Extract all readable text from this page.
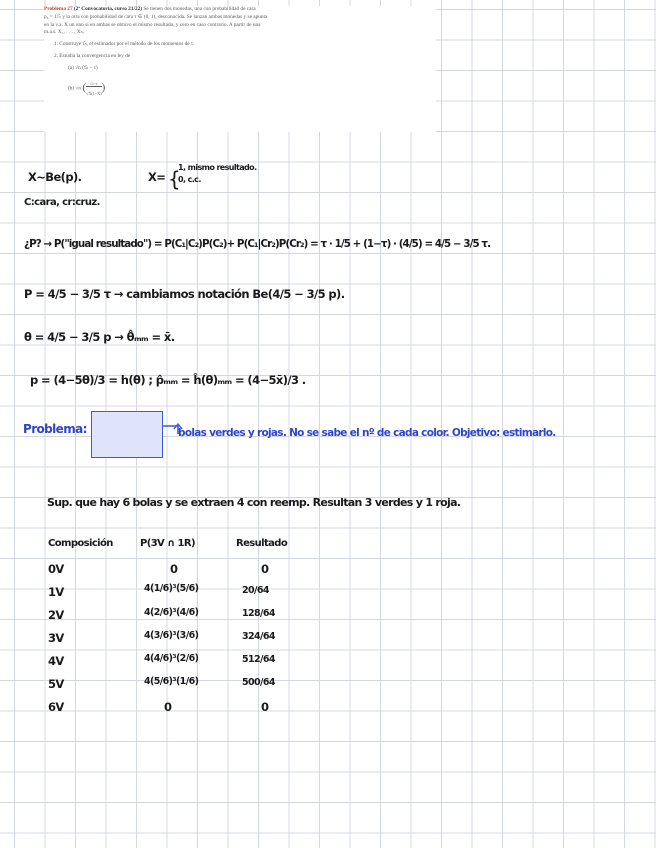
Problema 27 (2ª Convocatoria, curso 21/22) Se tienen dos monedas, una con probabilidad de cara

p₀ = 1/5 y la otra con probabilidad de cara τ ∈ (0, 1), desconocida. Se lanzan ambas monedas y se apunta

en la v.a. X un uno si en ambas se obtuvo el mismo resultado, y cero en caso contrario. A partir de una

m.a.s. X₁, . . . , Xₙ,

1. Construye τ̂ₙ, el estimador por el método de los momentos de τ.
2. Estudia la convergencia en ley de
(a) √n (τ̂ₙ − τ)
(b) √n ( $\frac{\text{τ̂ₙ−τ}}{√X̄(1-X̄)}$ )
X~Be(p).	X= {
1, mismo resultado.
0, c.c.
C:cara, cr:cruz.
¿P? → P("igual resultado") = P(C₁|C₂)P(C₂)+ P(C₁|Cr₂)P(Cr₂) = τ · 1/5 + (1−τ) · (4/5) = 4/5 − 3/5 τ.
P = 4/5 − 3/5 τ → cambiamos notación Be(4/5 − 3/5 p).
θ = 4/5 − 3/5 p → θ̂ₘₘ = x̄.
p = (4−5θ)/3 = h(θ) ; p̂ₘₘ = ĥ(θ)ₘₘ = (4−5x̄)/3 .
Problema:	bolas verdes y rojas. No se sabe el nº de cada color. Objetivo: estimarlo.
Sup. que hay 6 bolas y se extraen 4 con reemp. Resultan 3 verdes y 1 roja.
Composición	P(3V ∩ 1R)	Resultado
0V	0	0
1V	4(1/6)³(5/6)	20/64
2V	4(2/6)³(4/6)	128/64
3V	4(3/6)³(3/6)	324/64
4V	4(4/6)³(2/6)	512/64
5V	4(5/6)³(1/6)	500/64
6V	0	0
